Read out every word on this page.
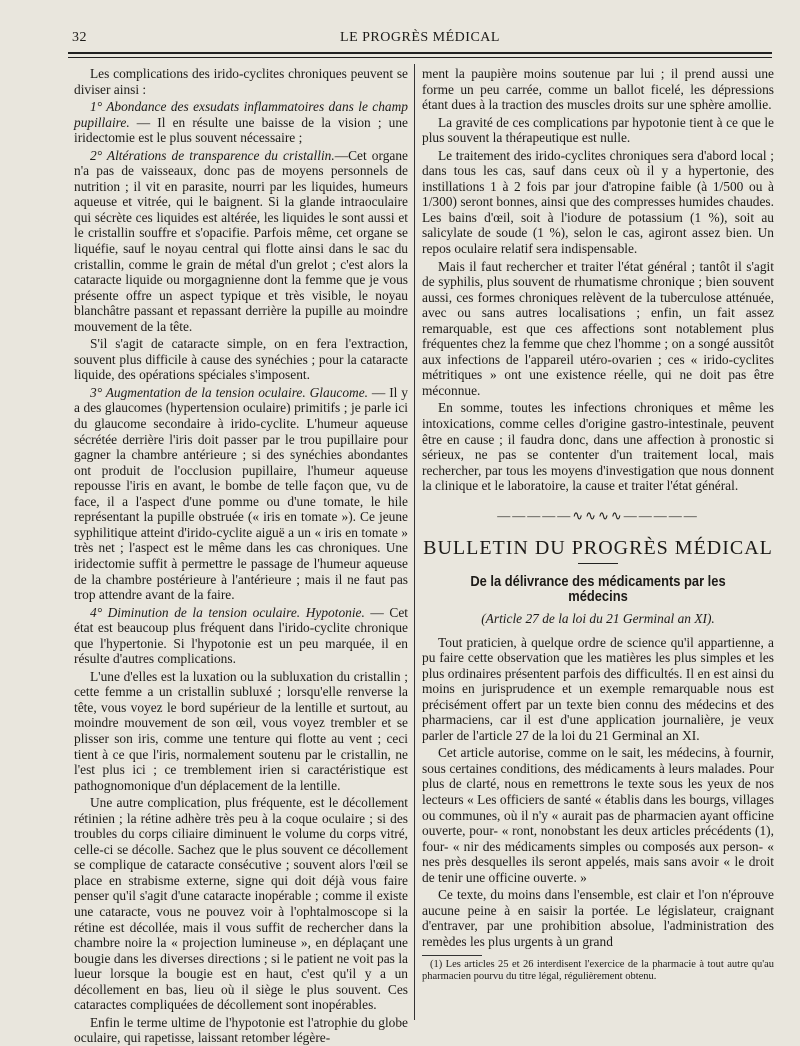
32	LE PROGRÈS MÉDICAL

Les complications des irido-cyclites chroniques peuvent se diviser ainsi :

1° Abondance des exsudats inflammatoires dans le champ pupillaire. — Il en résulte une baisse de la vision ; une iridectomie est le plus souvent nécessaire ;

2° Altérations de transparence du cristallin.—Cet organe n'a pas de vaisseaux, donc pas de moyens personnels de nutrition ; il vit en parasite, nourri par les liquides, humeurs aqueuse et vitrée, qui le baignent. Si la glande intraoculaire qui sécrète ces liquides est altérée, les liquides le sont aussi et le cristallin souffre et s'opacifie. Parfois même, cet organe se liquéfie, sauf le noyau central qui flotte ainsi dans le sac du cristallin, comme le grain de métal d'un grelot ; c'est alors la cataracte liquide ou morgagnienne dont la femme que je vous présente offre un aspect typique et très visible, le noyau blanchâtre passant et repassant derrière la pupille au moindre mouvement de la tête.

S'il s'agit de cataracte simple, on en fera l'extraction, souvent plus difficile à cause des synéchies ; pour la cataracte liquide, des opérations spéciales s'imposent.

3° Augmentation de la tension oculaire. Glaucome. — Il y a des glaucomes (hypertension oculaire) primitifs ; je parle ici du glaucome secondaire à irido-cyclite. L'humeur aqueuse sécrétée derrière l'iris doit passer par le trou pupillaire pour gagner la chambre antérieure ; si des synéchies abondantes ont produit de l'occlusion pupillaire, l'humeur aqueuse repousse l'iris en avant, le bombe de telle façon que, vu de face, il a l'aspect d'une pomme ou d'une tomate, le hile représentant la pupille obstruée (« iris en tomate »). Ce jeune syphilitique atteint d'irido-cyclite aiguë a un « iris en tomate » très net ; l'aspect est le même dans les cas chroniques. Une iridectomie suffit à permettre le passage de l'humeur aqueuse de la chambre postérieure à l'antérieure ; mais il ne faut pas trop attendre avant de la faire.

4° Diminution de la tension oculaire. Hypotonie. — Cet état est beaucoup plus fréquent dans l'irido-cyclite chronique que l'hypertonie. Si l'hypotonie est un peu marquée, il en résulte d'autres complications.

L'une d'elles est la luxation ou la subluxation du cristallin ; cette femme a un cristallin subluxé ; lorsqu'elle renverse la tête, vous voyez le bord supérieur de la lentille et surtout, au moindre mouvement de son œil, vous voyez trembler et se plisser son iris, comme une tenture qui flotte au vent ; ceci tient à ce que l'iris, normalement soutenu par le cristallin, ne l'est plus ici ; ce tremblement irien si caractéristique est pathognomonique d'un déplacement de la lentille.

Une autre complication, plus fréquente, est le décollement rétinien ; la rétine adhère très peu à la coque oculaire ; si des troubles du corps ciliaire diminuent le volume du corps vitré, celle-ci se décolle. Sachez que le plus souvent ce décollement se complique de cataracte consécutive ; souvent alors l'œil se place en strabisme externe, signe qui doit déjà vous faire penser qu'il s'agit d'une cataracte inopérable ; comme il existe une cataracte, vous ne pouvez voir à l'ophtalmoscope si la rétine est décollée, mais il vous suffit de rechercher dans la chambre noire la « projection lumineuse », en déplaçant une bougie dans les diverses directions ; si le patient ne voit pas la lueur lorsque la bougie est en haut, c'est qu'il y a un décollement en bas, lieu où il siège le plus souvent. Ces cataractes compliquées de décollement sont inopérables.

Enfin le terme ultime de l'hypotonie est l'atrophie du globe oculaire, qui rapetisse, laissant retomber légère-

ment la paupière moins soutenue par lui ; il prend aussi une forme un peu carrée, comme un ballot ficelé, les dépressions étant dues à la traction des muscles droits sur une sphère amollie.

La gravité de ces complications par hypotonie tient à ce que le plus souvent la thérapeutique est nulle.

Le traitement des irido-cyclites chroniques sera d'abord local ; dans tous les cas, sauf dans ceux où il y a hypertonie, des instillations 1 à 2 fois par jour d'atropine faible (à 1/500 ou à 1/300) seront bonnes, ainsi que des compresses humides chaudes. Les bains d'œil, soit à l'iodure de potassium (1 %), soit au salicylate de soude (1 %), selon le cas, agiront assez bien. Un repos oculaire relatif sera indispensable.

Mais il faut rechercher et traiter l'état général ; tantôt il s'agit de syphilis, plus souvent de rhumatisme chronique ; bien souvent aussi, ces formes chroniques relèvent de la tuberculose atténuée, avec ou sans autres localisations ; enfin, un fait assez remarquable, est que ces affections sont notablement plus fréquentes chez la femme que chez l'homme ; on a songé aussitôt aux infections de l'appareil utéro-ovarien ; ces « irido-cyclites métritiques » ont une existence réelle, qui ne doit pas être méconnue.

En somme, toutes les infections chroniques et même les intoxications, comme celles d'origine gastro-intestinale, peuvent être en cause ; il faudra donc, dans une affection à pronostic si sérieux, ne pas se contenter d'un traitement local, mais rechercher, par tous les moyens d'investigation que nous donnent la clinique et le laboratoire, la cause et traiter l'état général.

―――――∿∿∿∿―――――
BULLETIN DU PROGRÈS MÉDICAL
De la délivrance des médicaments par les médecins
(Article 27 de la loi du 21 Germinal an XI).

Tout praticien, à quelque ordre de science qu'il appartienne, a pu faire cette observation que les matières les plus simples et les plus ordinaires présentent parfois des difficultés. Il en est ainsi du moins en jurisprudence et un exemple remarquable nous est précisément offert par un texte bien connu des médecins et des pharmaciens, car il est d'une application journalière, je veux parler de l'article 27 de la loi du 21 Germinal an XI.

Cet article autorise, comme on le sait, les médecins, à fournir, sous certaines conditions, des médicaments à leurs malades. Pour plus de clarté, nous en remettrons le texte sous les yeux de nos lecteurs « Les officiers de santé « établis dans les bourgs, villages ou communes, où il n'y « aurait pas de pharmacien ayant officine ouverte, pour- « ront, nonobstant les deux articles précédents (1), four- « nir des médicaments simples ou composés aux person- « nes près desquelles ils seront appelés, mais sans avoir « le droit de tenir une officine ouverte. »

Ce texte, du moins dans l'ensemble, est clair et l'on n'éprouve aucune peine à en saisir la portée. Le législateur, craignant d'entraver, par une prohibition absolue, l'administration des remèdes les plus urgents à un grand

(1) Les articles 25 et 26 interdisent l'exercice de la pharmacie à tout autre qu'au pharmacien pourvu du titre légal, régulièrement obtenu.
